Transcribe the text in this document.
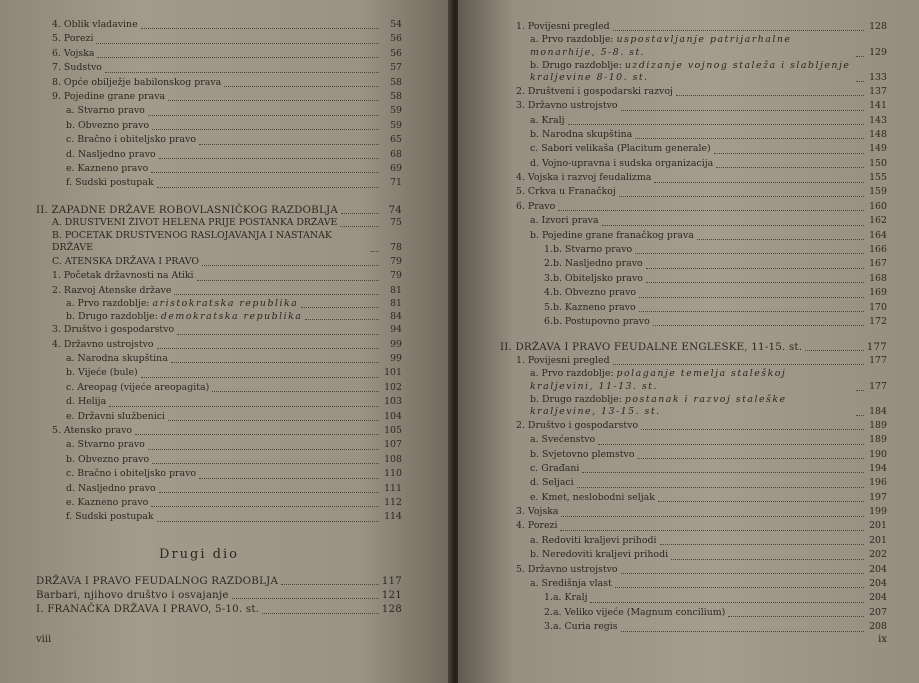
4. Oblik vladavine	54
5. Porezi	56
6. Vojska	56
7. Sudstvo	57
8. Opće obilježje babilonskog prava	58
9. Pojedine grane prava	58
a. Stvarno pravo	59
b. Obvezno pravo	59
c. Bračno i obiteljsko pravo	65
d. Nasljedno pravo	68
e. Kazneno pravo	69
f. Sudski postupak	71
II. ZAPADNE DRŽAVE ROBOVLASNIČKOG RAZDOBLJA	74
A. DRUŠTVENI ŽIVOT HELENA PRIJE POSTANKA DRŽAVE	75
B. POČETAK DRUŠTVENOG RASLOJAVANJA I NASTANAK DRŽAVE	78
C. ATENSKA DRŽAVA I PRAVO	79
1. Početak državnosti na Atiki	79
2. Razvoj Atenske države	81
a. Prvo razdoblje: aristokratska republika	81
b. Drugo razdoblje: demokratska republika	84
3. Društvo i gospodarstvo	94
4. Državno ustrojstvo	99
a. Narodna skupština	99
b. Vijeće (bule)	101
c. Areopag (vijeće areopagita)	102
d. Helija	103
e. Državni službenici	104
5. Atensko pravo	105
a. Stvarno pravo	107
b. Obvezno pravo	108
c. Bračno i obiteljsko pravo	110
d. Nasljedno pravo	111
e. Kazneno pravo	112
f. Sudski postupak	114
Drugi dio
DRŽAVA I PRAVO FEUDALNOG RAZDOBLJA	117
Barbari, njihovo društvo i osvajanje	121
I. FRANAČKA DRŽAVA I PRAVO, 5-10. st.	128
viii
1. Povijesni pregled	128
a. Prvo razdoblje: uspostavljanje patrijarhalne monarhije, 5-8. st.	129
b. Drugo razdoblje: uzdizanje vojnog staleža i slabljenje kraljevine 8-10. st.	133
2. Društveni i gospodarski razvoj	137
3. Državno ustrojstvo	141
a. Kralj	143
b. Narodna skupština	148
c. Sabori velikaša (Placitum generale)	149
d. Vojno-upravna i sudska organizacija	150
4. Vojska i razvoj feudalizma	155
5. Crkva u Franačkoj	159
6. Pravo	160
a. Izvori prava	162
b. Pojedine grane franačkog prava	164
1.b. Stvarno pravo	166
2.b. Nasljedno pravo	167
3.b. Obiteljsko pravo	168
4.b. Obvezno pravo	169
5.b. Kazneno pravo	170
6.b. Postupovno pravo	172
II. DRŽAVA I PRAVO FEUDALNE ENGLESKE, 11-15. st.	177
1. Povijesni pregled	177
a. Prvo razdoblje: polaganje temelja staleškoj kraljevini, 11-13. st.	177
b. Drugo razdoblje: postanak i razvoj staleške kraljevine, 13-15. st.	184
2. Društvo i gospodarstvo	189
a. Svećenstvo	189
b. Svjetovno plemstvo	190
c. Građani	194
d. Seljaci	196
e. Kmet, neslobodni seljak	197
3. Vojska	199
4. Porezi	201
a. Redoviti kraljevi prihodi	201
b. Neredoviti kraljevi prihodi	202
5. Državno ustrojstvo	204
a. Središnja vlast	204
1.a. Kralj	204
2.a. Veliko vijeće (Magnum concilium)	207
3.a. Curia regis	208
ix
